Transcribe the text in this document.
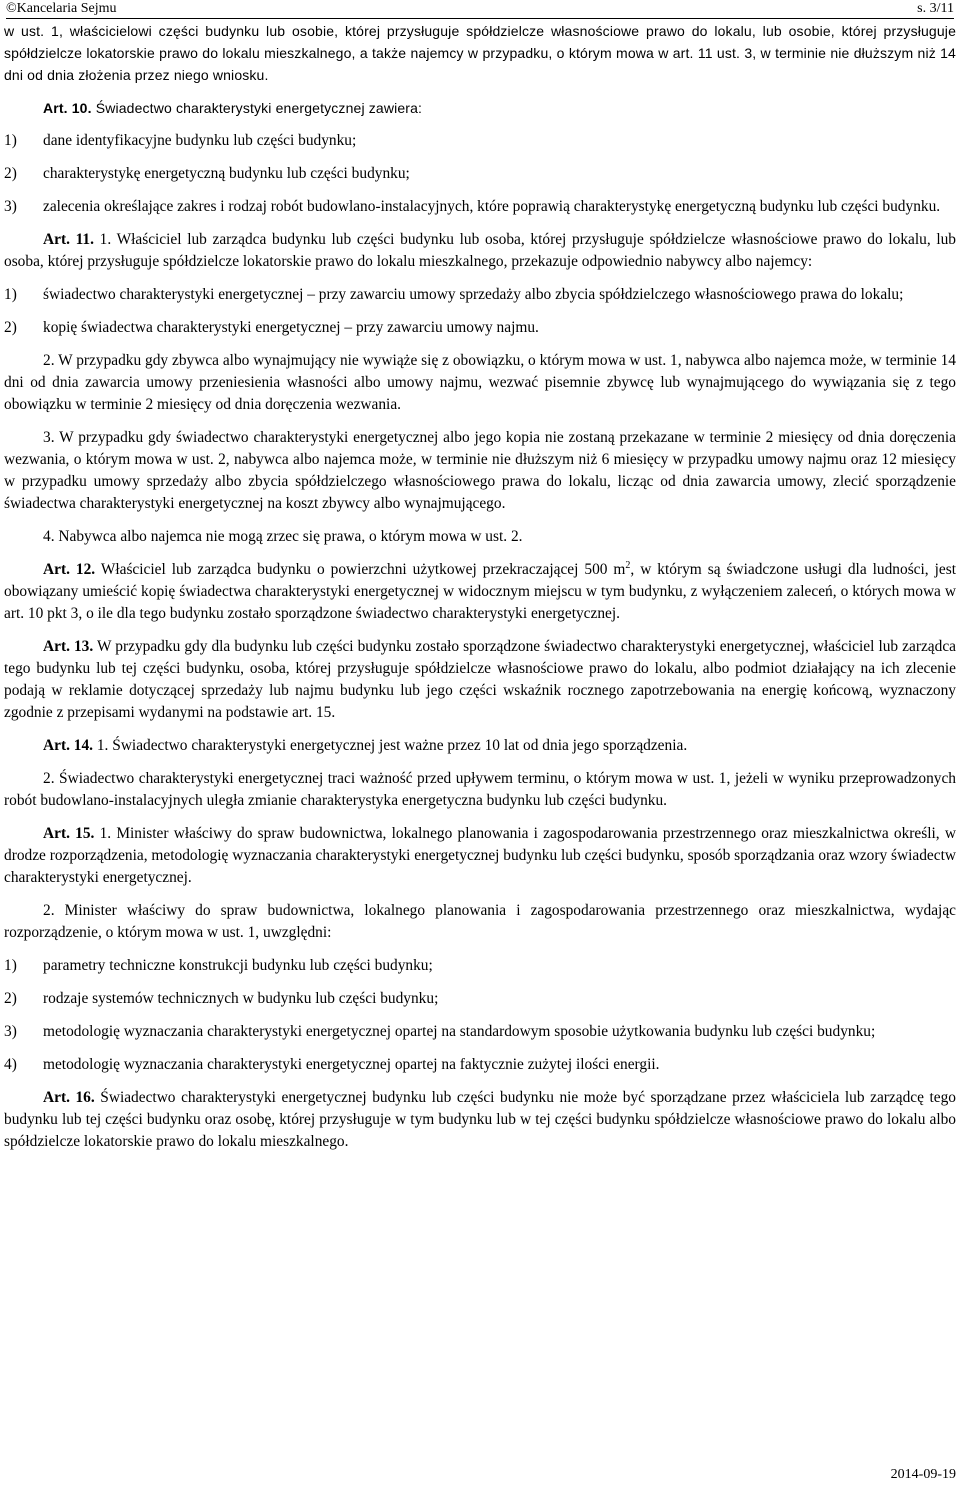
©Kancelaria Sejmu	s. 3/11

w ust. 1, właścicielowi części budynku lub osobie, której przysługuje spółdzielcze własnościowe prawo do lokalu, lub osobie, której przysługuje spółdzielcze lokatorskie prawo do lokalu mieszkalnego, a także najemcy w przypadku, o którym mowa w art. 11 ust. 3, w terminie nie dłuższym niż 14 dni od dnia złożenia przez niego wniosku.

Art. 10. Świadectwo charakterystyki energetycznej zawiera:

1)	dane identyfikacyjne budynku lub części budynku;
2)	charakterystykę energetyczną budynku lub części budynku;
3)	zalecenia określające zakres i rodzaj robót budowlano-instalacyjnych, które poprawią charakterystykę energetyczną budynku lub części budynku.

Art. 11. 1. Właściciel lub zarządca budynku lub części budynku lub osoba, której przysługuje spółdzielcze własnościowe prawo do lokalu, lub osoba, której przysługuje spółdzielcze lokatorskie prawo do lokalu mieszkalnego, przekazuje odpowiednio nabywcy albo najemcy:

1)	świadectwo charakterystyki energetycznej – przy zawarciu umowy sprzedaży albo zbycia spółdzielczego własnościowego prawa do lokalu;
2)	kopię świadectwa charakterystyki energetycznej – przy zawarciu umowy najmu.

2. W przypadku gdy zbywca albo wynajmujący nie wywiąże się z obowiązku, o którym mowa w ust. 1, nabywca albo najemca może, w terminie 14 dni od dnia zawarcia umowy przeniesienia własności albo umowy najmu, wezwać pisemnie zbywcę lub wynajmującego do wywiązania się z tego obowiązku w terminie 2 miesięcy od dnia doręczenia wezwania.

3. W przypadku gdy świadectwo charakterystyki energetycznej albo jego kopia nie zostaną przekazane w terminie 2 miesięcy od dnia doręczenia wezwania, o którym mowa w ust. 2, nabywca albo najemca może, w terminie nie dłuższym niż 6 miesięcy w przypadku umowy najmu oraz 12 miesięcy w przypadku umowy sprzedaży albo zbycia spółdzielczego własnościowego prawa do lokalu, licząc od dnia zawarcia umowy, zlecić sporządzenie świadectwa charakterystyki energetycznej na koszt zbywcy albo wynajmującego.

4. Nabywca albo najemca nie mogą zrzec się prawa, o którym mowa w ust. 2.

Art. 12. Właściciel lub zarządca budynku o powierzchni użytkowej przekraczającej 500 $m^2$, w którym są świadczone usługi dla ludności, jest obowiązany umieścić kopię świadectwa charakterystyki energetycznej w widocznym miejscu w tym budynku, z wyłączeniem zaleceń, o których mowa w art. 10 pkt 3, o ile dla tego budynku zostało sporządzone świadectwo charakterystyki energetycznej.

Art. 13. W przypadku gdy dla budynku lub części budynku zostało sporządzone świadectwo charakterystyki energetycznej, właściciel lub zarządca tego budynku lub tej części budynku, osoba, której przysługuje spółdzielcze własnościowe prawo do lokalu, albo podmiot działający na ich zlecenie podają w reklamie dotyczącej sprzedaży lub najmu budynku lub jego części wskaźnik rocznego zapotrzebowania na energię końcową, wyznaczony zgodnie z przepisami wydanymi na podstawie art. 15.

Art. 14. 1. Świadectwo charakterystyki energetycznej jest ważne przez 10 lat od dnia jego sporządzenia.

2. Świadectwo charakterystyki energetycznej traci ważność przed upływem terminu, o którym mowa w ust. 1, jeżeli w wyniku przeprowadzonych robót budowlano-instalacyjnych uległa zmianie charakterystyka energetyczna budynku lub części budynku.

Art. 15. 1. Minister właściwy do spraw budownictwa, lokalnego planowania i zagospodarowania przestrzennego oraz mieszkalnictwa określi, w drodze rozporządzenia, metodologię wyznaczania charakterystyki energetycznej budynku lub części budynku, sposób sporządzania oraz wzory świadectw charakterystyki energetycznej.

2. Minister właściwy do spraw budownictwa, lokalnego planowania i zagospodarowania przestrzennego oraz mieszkalnictwa, wydając rozporządzenie, o którym mowa w ust. 1, uwzględni:

1)	parametry techniczne konstrukcji budynku lub części budynku;
2)	rodzaje systemów technicznych w budynku lub części budynku;
3)	metodologię wyznaczania charakterystyki energetycznej opartej na standardowym sposobie użytkowania budynku lub części budynku;
4)	metodologię wyznaczania charakterystyki energetycznej opartej na faktycznie zużytej ilości energii.

Art. 16. Świadectwo charakterystyki energetycznej budynku lub części budynku nie może być sporządzane przez właściciela lub zarządcę tego budynku lub tej części budynku oraz osobę, której przysługuje w tym budynku lub w tej części budynku spółdzielcze własnościowe prawo do lokalu albo spółdzielcze lokatorskie prawo do lokalu mieszkalnego.

2014-09-19
